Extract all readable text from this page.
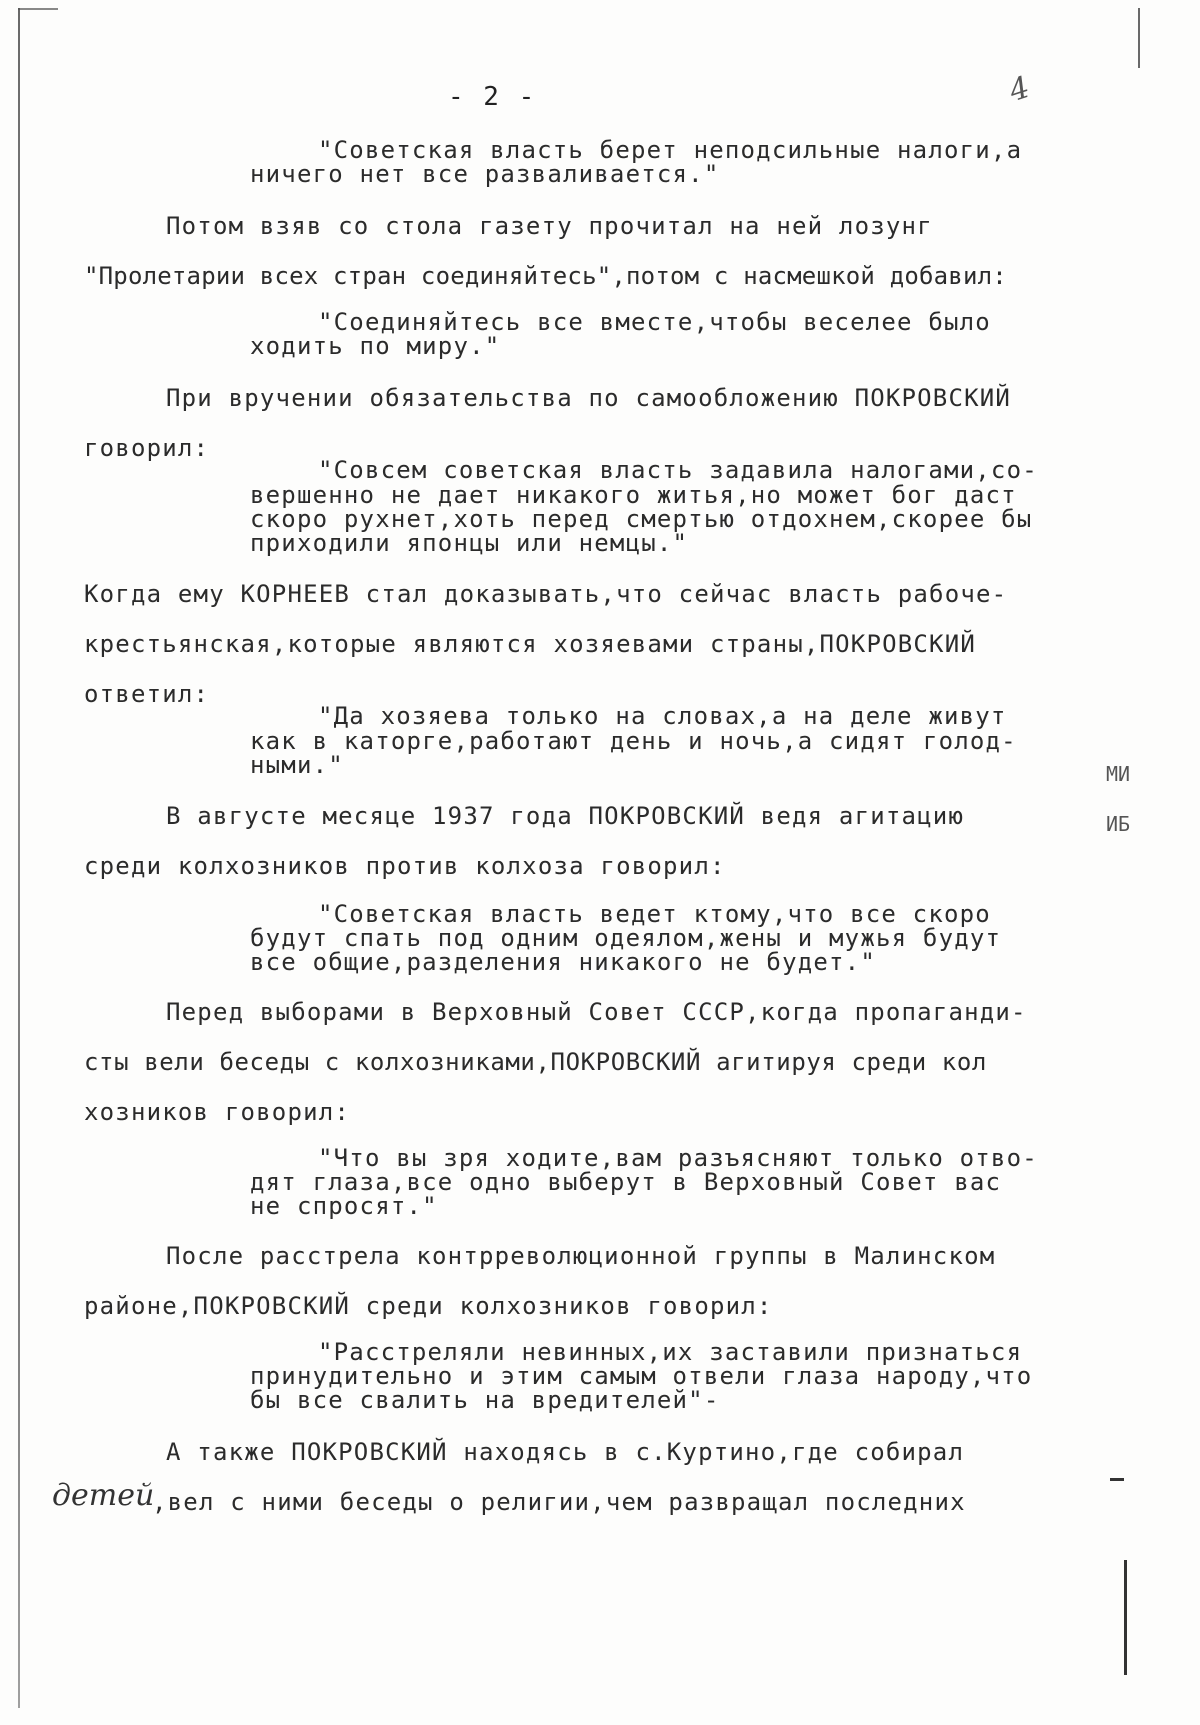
- 2 -	4
МИ
ИБ
"Советская власть берет неподсильные налоги,а
ничего нет все разваливается."
Потом взяв со стола газету прочитал на ней лозунг
"Пролетарии всех стран соединяйтесь",потом с насмешкой добавил:
"Соединяйтесь все вместе,чтобы веселее было
ходить по миру."
При вручении обязательства по самообложению ПОКРОВСКИЙ
говорил:
"Совсем советская власть задавила налогами,со-
вершенно не дает никакого житья,но может бог даст
скоро рухнет,хоть перед смертью отдохнем,скорее бы
приходили японцы или немцы."
Когда ему КОРНЕЕВ стал доказывать,что сейчас власть рабоче-
крестьянская,которые являются хозяевами страны,ПОКРОВСКИЙ
ответил:
"Да хозяева только на словах,а на деле живут
как в каторге,работают день и ночь,а сидят голод-
ными."
В августе месяце 1937 года ПОКРОВСКИЙ ведя агитацию
среди колхозников против колхоза говорил:
"Советская власть ведет ктому,что все скоро
будут спать под одним одеялом,жены и мужья будут
все общие,разделения никакого не будет."
Перед выборами в Верховный Совет СССР,когда пропаганди-
сты вели беседы с колхозниками,ПОКРОВСКИЙ агитируя среди кол
хозников говорил:
"Что вы зря ходите,вам разъясняют только отво-
дят глаза,все одно выберут в Верховный Совет вас
не спросят."
После расстрела контрреволюционной группы в Малинском
районе,ПОКРОВСКИЙ среди колхозников говорил:
"Расстреляли невинных,их заставили признаться
принудительно и этим самым отвели глаза народу,что
бы все свалить на вредителей"-
А также ПОКРОВСКИЙ находясь в с.Куртино,где собирал
детей
,вел с ними беседы о религии,чем развращал последних
